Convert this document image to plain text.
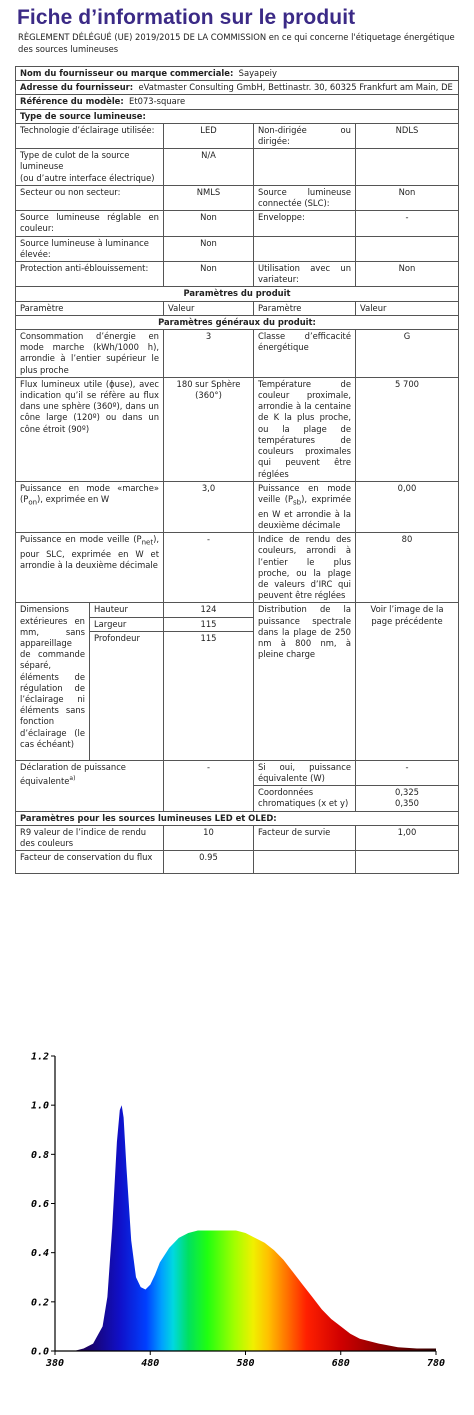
Fiche d’information sur le produit
RÈGLEMENT DÉLÉGUÉ (UE) 2019/2015 DE LA COMMISSION en ce qui concerne l'étiquetage énergétique des sources lumineuses
Nom du fournisseur ou marque commerciale: Sayapeiy				
Adresse du fournisseur: eVatmaster Consulting GmbH, Bettinastr. 30, 60325 Frankfurt am Main, DE				
Référence du modèle: Et073-square				
Type de source lumineuse:				
Technologie d’éclairage utilisée:		LED	Non-dirigée ou dirigée:	NDLS

Type de culot de la source lumineuse
(ou d’autre interface électrique)		N/A		
Secteur ou non secteur:		NMLS	Source lumineuse connectée (SLC):	Non
Source lumineuse réglable en couleur:		Non	Enveloppe:	-
Source lumineuse à luminance élevée:		Non		
Protection anti-éblouissement:		Non	Utilisation avec un variateur:	Non
Paramètres du produit				
Paramètre		Valeur	Paramètre	Valeur
Paramètres généraux du produit:				
Consommation d’énergie en mode marche (kWh/1000 h), arrondie à l’entier supérieur le plus proche		3	Classe d’efficacité énergétique	G
Flux lumineux utile (ɸuse), avec indication qu’il se réfère au flux dans une sphère (360º), dans un cône large (120º) ou dans un cône étroit (90º)		180 sur Sphère (360°)	Température de couleur proximale, arrondie à la centaine de K la plus proche, ou la plage de températures de couleurs proximales qui peuvent être réglées	5 700
Puissance en mode «marche» $(P_{on})$, exprimée en W		3,0	Puissance en mode veille $(P_{sb})$, exprimée en W et arrondie à la deuxième décimale	0,00
Puissance en mode veille $(P_{net})$, pour SLC, exprimée en W et arrondie à la deuxième décimale		-	Indice de rendu des couleurs, arrondi à l’entier le plus proche, ou la plage de valeurs d’IRC qui peuvent être réglées	80
Dimensions extérieures en mm, sans appareillage de commande séparé, éléments de régulation de l’éclairage ni éléments sans fonction d’éclairage (le cas échéant)	Hauteur	124	Distribution de la puissance spectrale dans la plage de 250 nm à 800 nm, à pleine charge	Voir l’image de la page précédente
	Largeur	115		
	Profondeur	115		
Déclaration de puissance équivalente$^{a)}$		-	Si oui, puissance équivalente (W)	-
			Coordonnées chromatiques (x et y)	0,325
0,350

Paramètres pour les sources lumineuses LED et OLED:				
R9 valeur de l’indice de rendu des couleurs		10	Facteur de survie	1,00
Facteur de conservation du flux		0.95		
0.0
0.2
0.4
0.6
0.8
1.0
1.2
380	480	580	680	780
